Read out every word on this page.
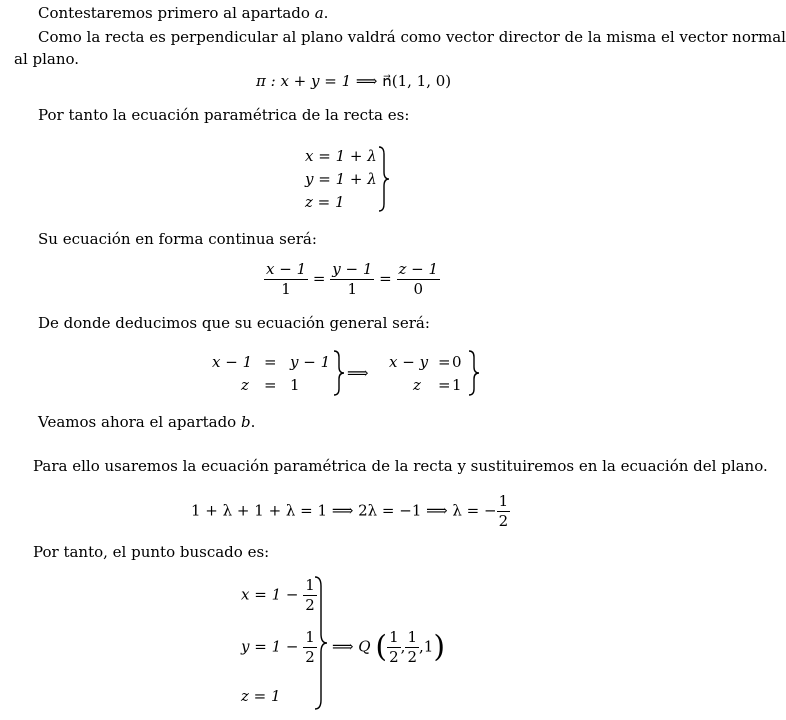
Contestaremos primero al apartado a.
Como la recta es perpendicular al plano valdrá como vector director de la misma el vector normal
al plano.
π : x + y = 1 ⟹ n⃗(1, 1, 0)
Por tanto la ecuación paramétrica de la recta es:
x = 1 + λ
y = 1 + λ
z = 1
Su ecuación en forma continua será:
$\frac{x - 1}{1} = \frac{y - 1}{1} = \frac{z - 1}{0}$
De donde deducimos que su ecuación general será:
x − 1 = y − 1
z = 1
⟹
x − y = 0
z = 1
Veamos ahora el apartado b.
Para ello usaremos la ecuación paramétrica de la recta y sustituiremos en la ecuación del plano.
1 + λ + 1 + λ = 1 ⟹ 2λ = −1 ⟹ λ = − $\frac{1}{2}$
Por tanto, el punto buscado es:
$x = 1 - \frac{1}{2}$
$y = 1 - \frac{1}{2}$
z = 1
⟹ Q ( $\frac{1}{2}$ , $\frac{1}{2} ,1$)
